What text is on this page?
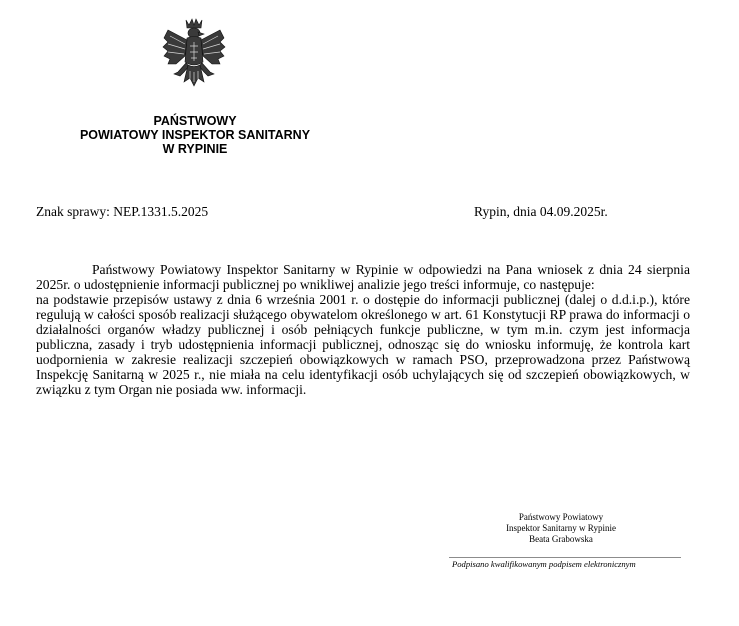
PAŃSTWOWY
POWIATOWY INSPEKTOR SANITARNY
W RYPINIE
Znak sprawy: NEP.1331.5.2025	Rypin, dnia 04.09.2025r.

Państwowy Powiatowy Inspektor Sanitarny w Rypinie w odpowiedzi na Pana wniosek z dnia 24 sierpnia 2025r. o udostępnienie informacji publicznej po wnikliwej analizie jego treści informuje, co następuje:

na podstawie przepisów ustawy z dnia 6 września 2001 r. o dostępie do informacji publicznej (dalej o d.d.i.p.), które regulują w całości sposób realizacji służącego obywatelom określonego w art. 61 Konstytucji RP prawa do informacji o działalności organów władzy publicznej i osób pełniących funkcje publiczne, w tym m.in. czym jest informacja publiczna, zasady i tryb udostępnienia informacji publicznej, odnosząc się do wniosku informuję, że kontrola kart uodpornienia w zakresie realizacji szczepień obowiązkowych w ramach PSO, przeprowadzona przez Państwową Inspekcję Sanitarną w 2025 r., nie miała na celu identyfikacji osób uchylających się od szczepień obowiązkowych, w związku z tym Organ nie posiada ww. informacji.

Państwowy Powiatowy
Inspektor Sanitarny w Rypinie
Beata Grabowska
Podpisano kwalifikowanym podpisem elektronicznym
